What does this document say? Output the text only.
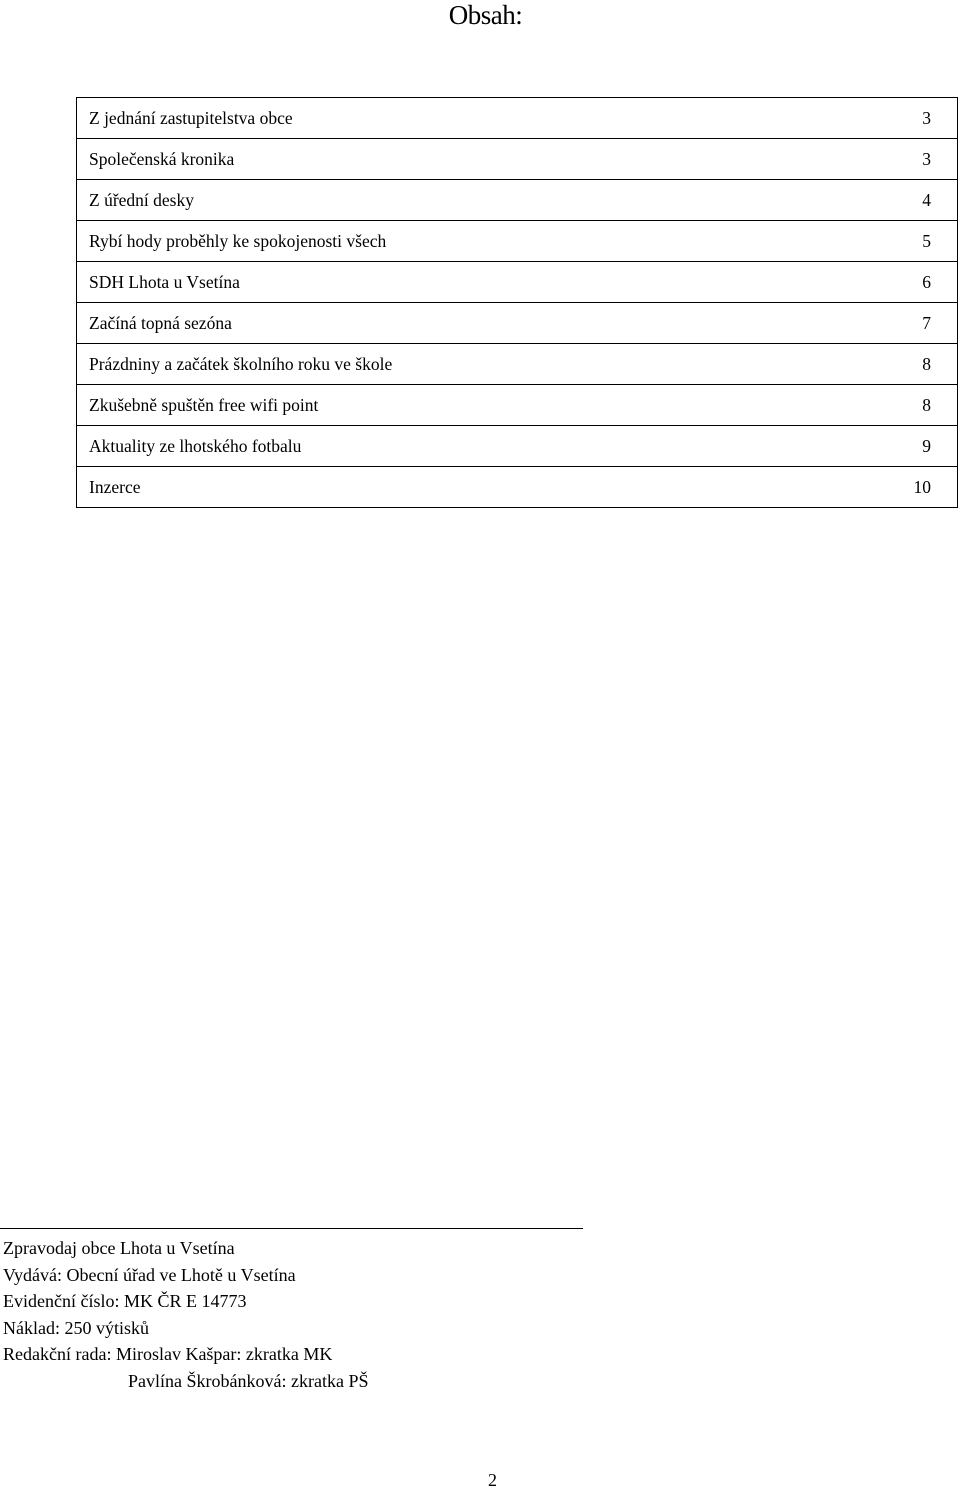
Obsah:
Z jednání zastupitelstva obce	3
Společenská kronika	3
Z úřední desky	4
Rybí hody proběhly ke spokojenosti všech	5
SDH Lhota u Vsetína	6
Začíná topná sezóna	7
Prázdniny a začátek školního roku ve škole	8
Zkušebně spuštěn free wifi point	8
Aktuality ze lhotského fotbalu	9
Inzerce	10
Zpravodaj obce Lhota u Vsetína
Vydává: Obecní úřad ve Lhotě u Vsetína
Evidenční číslo: MK ČR E 14773
Náklad: 250 výtisků
Redakční rada: Miroslav Kašpar: zkratka MK
Pavlína Škrobánková: zkratka PŠ
2
